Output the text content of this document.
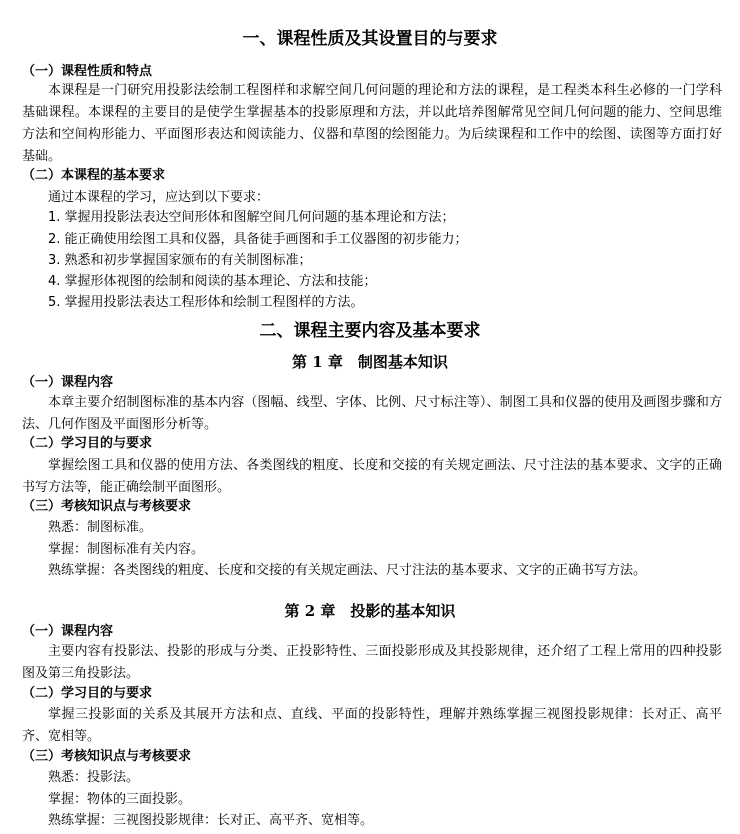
一、课程性质及其设置目的与要求
（一）课程性质和特点
本课程是一门研究用投影法绘制工程图样和求解空间几何问题的理论和方法的课程，是工程类本科生必修的一门学科基础课程。本课程的主要目的是使学生掌握基本的投影原理和方法，并以此培养图解常见空间几何问题的能力、空间思维方法和空间构形能力、平面图形表达和阅读能力、仪器和草图的绘图能力。为后续课程和工作中的绘图、读图等方面打好基础。
（二）本课程的基本要求
通过本课程的学习，应达到以下要求：
1. 掌握用投影法表达空间形体和图解空间几何问题的基本理论和方法；
2. 能正确使用绘图工具和仪器，具备徒手画图和手工仪器图的初步能力；
3. 熟悉和初步掌握国家颁布的有关制图标准；
4. 掌握形体视图的绘制和阅读的基本理论、方法和技能；
5. 掌握用投影法表达工程形体和绘制工程图样的方法。
二、课程主要内容及基本要求
第 1 章　制图基本知识
（一）课程内容
本章主要介绍制图标准的基本内容（图幅、线型、字体、比例、尺寸标注等）、制图工具和仪器的使用及画图步骤和方法、几何作图及平面图形分析等。
（二）学习目的与要求
掌握绘图工具和仪器的使用方法、各类图线的粗度、长度和交接的有关规定画法、尺寸注法的基本要求、文字的正确书写方法等，能正确绘制平面图形。
（三）考核知识点与考核要求
熟悉：制图标准。
掌握：制图标准有关内容。
熟练掌握：各类图线的粗度、长度和交接的有关规定画法、尺寸注法的基本要求、文字的正确书写方法。
第 2 章　投影的基本知识
（一）课程内容
主要内容有投影法、投影的形成与分类、正投影特性、三面投影形成及其投影规律，还介绍了工程上常用的四种投影图及第三角投影法。
（二）学习目的与要求
掌握三投影面的关系及其展开方法和点、直线、平面的投影特性，理解并熟练掌握三视图投影规律：长对正、高平齐、宽相等。
（三）考核知识点与考核要求
熟悉：投影法。
掌握：物体的三面投影。
熟练掌握：三视图投影规律：长对正、高平齐、宽相等。
